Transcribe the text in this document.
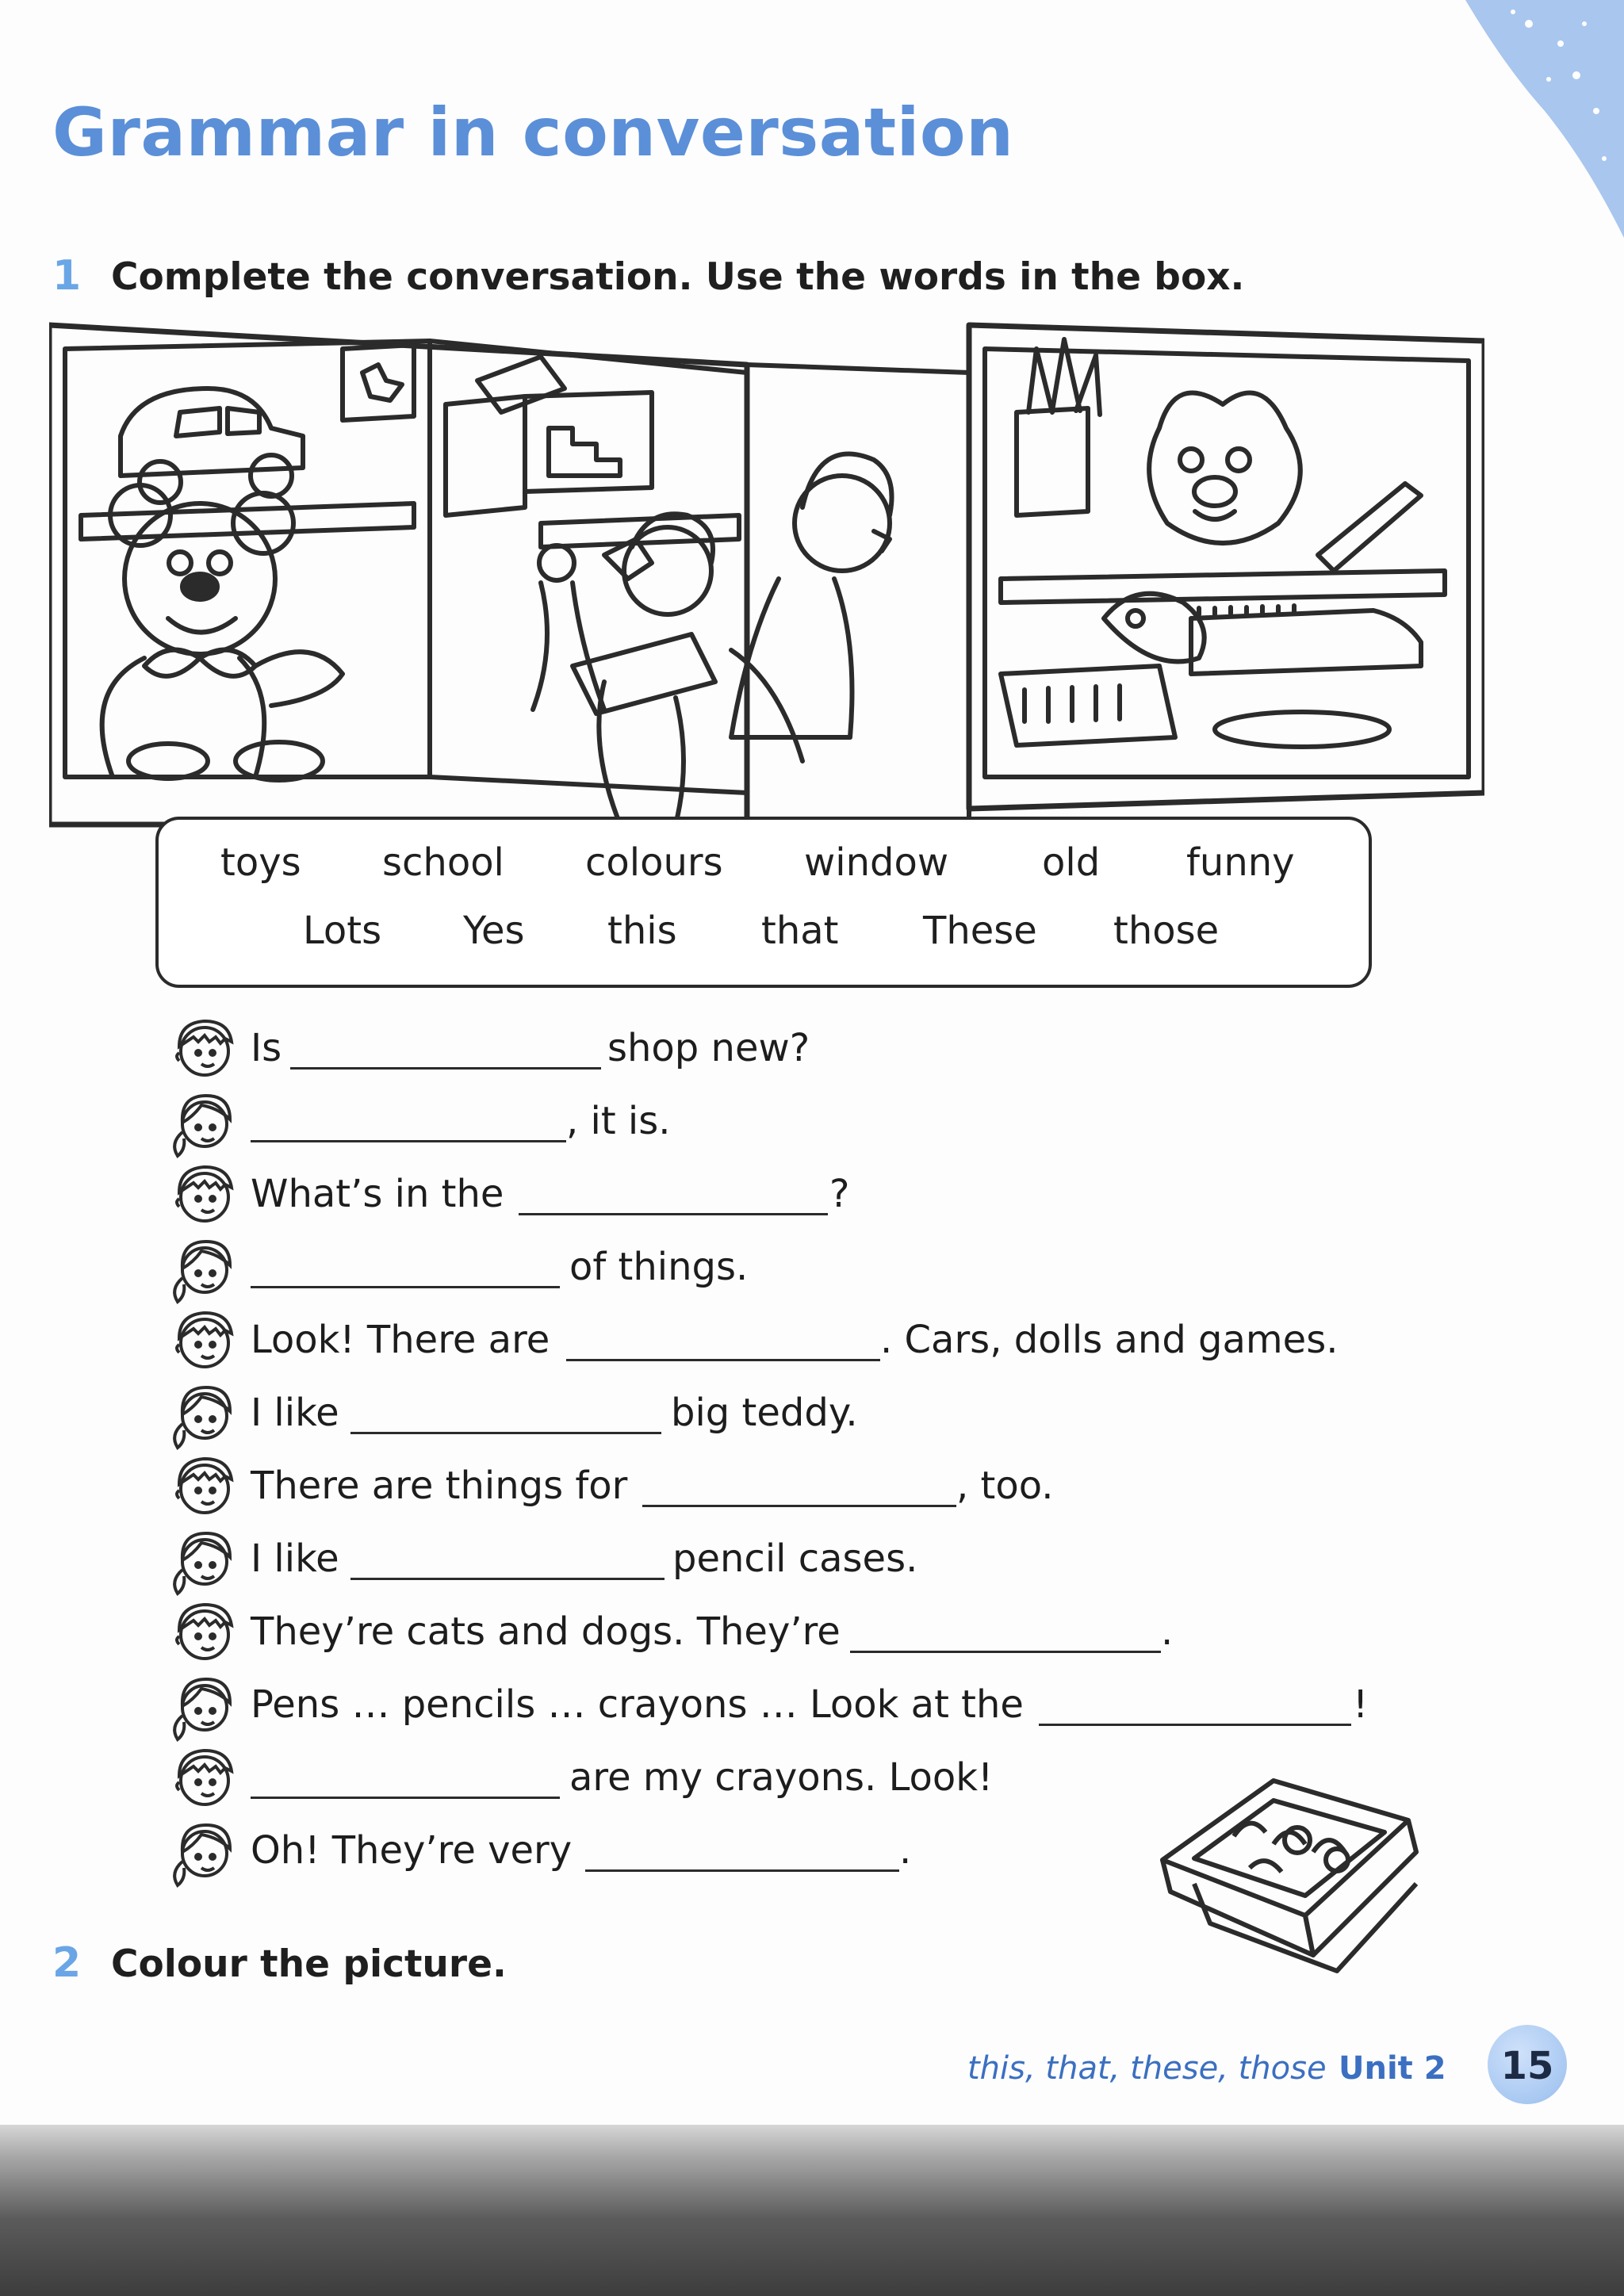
Grammar in conversation
1 Complete the conversation. Use the words in the box.
toys school colours window old funny
Lots Yes this that These those
Is	shop new?
, it is.
What’s in the	?
of things.
Look! There are	. Cars, dolls and games.
I like	big teddy.
There are things for	, too.
I like	pencil cases.
They’re cats and dogs. They’re	.
Pens … pencils … crayons … Look at the	!
are my crayons. Look!
Oh! They’re very	.
2 Colour the picture.
this, that, these, those Unit 2	15
